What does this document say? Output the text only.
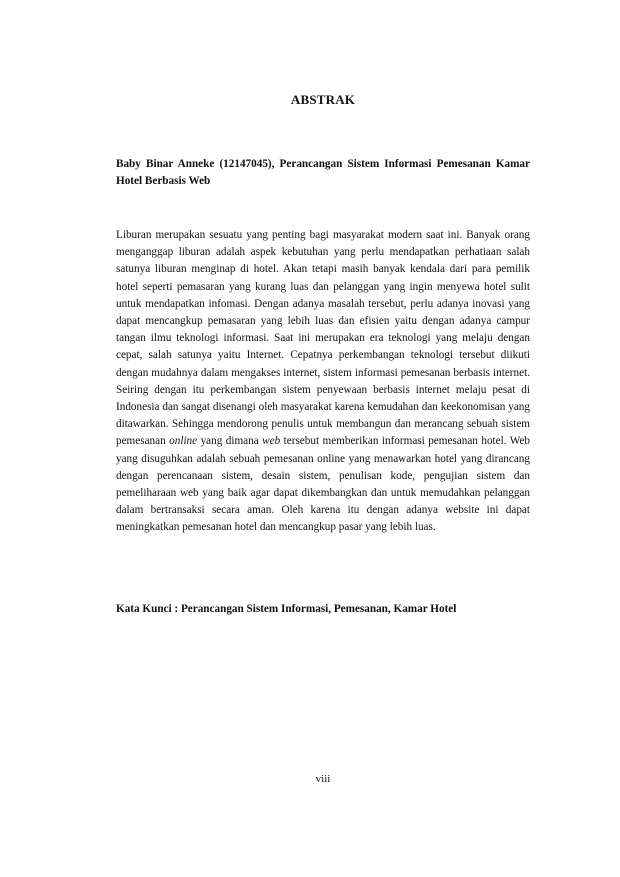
ABSTRAK
Baby Binar Anneke (12147045), Perancangan Sistem Informasi Pemesanan Kamar Hotel Berbasis Web

Liburan merupakan sesuatu yang penting bagi masyarakat modern saat ini. Banyak orang menganggap liburan adalah aspek kebutuhan yang perlu mendapatkan perhatiaan salah satunya liburan menginap di hotel. Akan tetapi masih banyak kendala dari para pemilik hotel seperti pemasaran yang kurang luas dan pelanggan yang ingin menyewa hotel sulit untuk mendapatkan infomasi. Dengan adanya masalah tersebut, perlu adanya inovasi yang dapat mencangkup pemasaran yang lebih luas dan efisien yaitu dengan adanya campur tangan ilmu teknologi informasi. Saat ini merupakan era teknologi yang melaju dengan cepat, salah satunya yaitu Internet. Cepatnya perkembangan teknologi tersebut diikuti dengan mudahnya dalam mengakses internet, sistem informasi pemesanan berbasis internet. Seiring dengan itu perkembangan sistem penyewaan berbasis internet melaju pesat di Indonesia dan sangat disenangi oleh masyarakat karena kemudahan dan keekonomisan yang ditawarkan. Sehingga mendorong penulis untuk membangun dan merancang sebuah sistem pemesanan online yang dimana web tersebut memberikan informasi pemesanan hotel. Web yang disuguhkan adalah sebuah pemesanan online yang menawarkan hotel yang dirancang dengan perencanaan sistem, desain sistem, penulisan kode, pengujian sistem dan pemeliharaan web yang baik agar dapat dikembangkan dan untuk memudahkan pelanggan dalam bertransaksi secara aman. Oleh karena itu dengan adanya website ini dapat meningkatkan pemesanan hotel dan mencangkup pasar yang lebih luas.

Kata Kunci : Perancangan Sistem Informasi, Pemesanan, Kamar Hotel
viii
